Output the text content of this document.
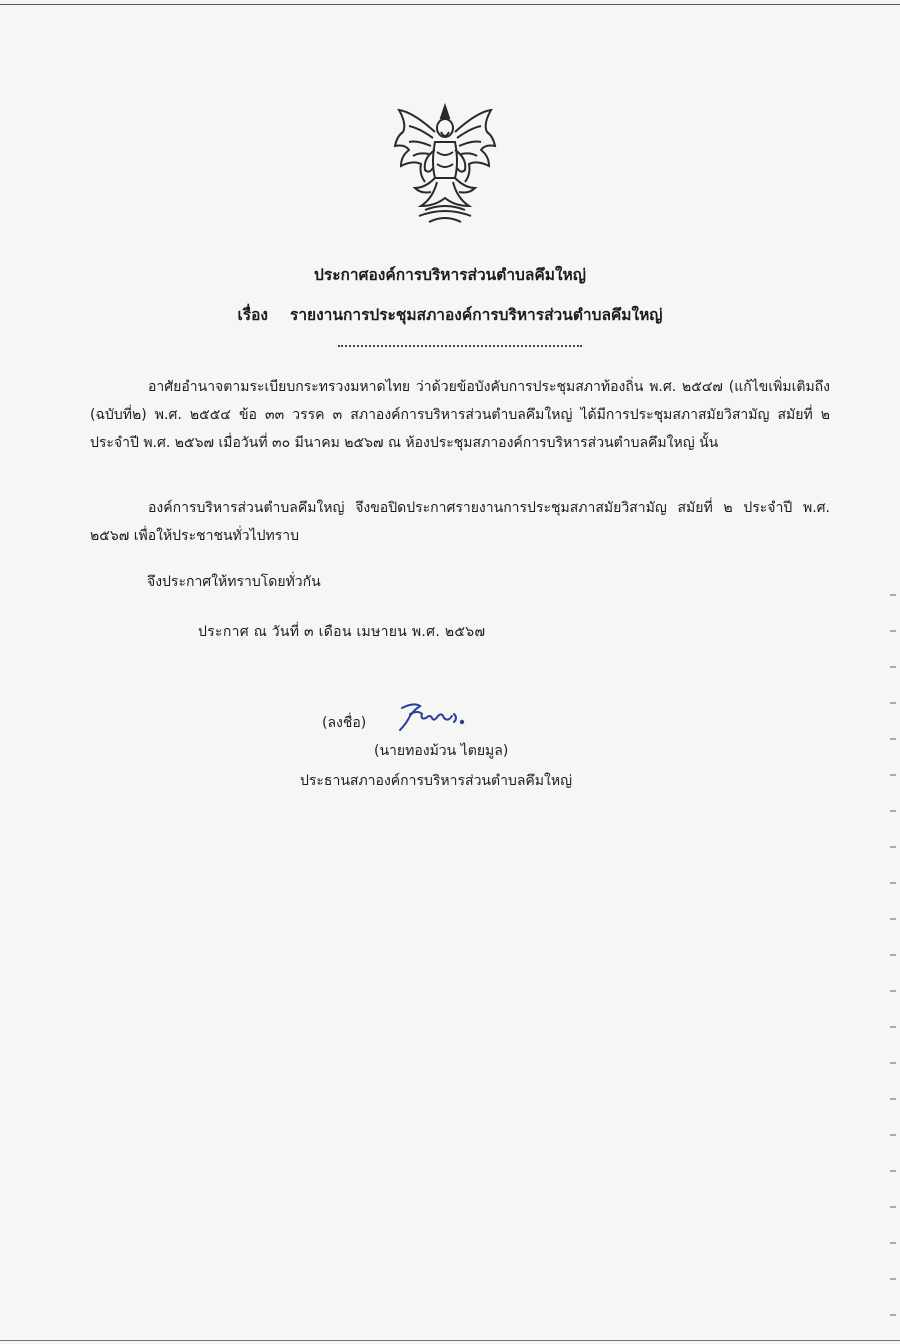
ประกาศองค์การบริหารส่วนตำบลคึมใหญ่
เรื่อง รายงานการประชุมสภาองค์การบริหารส่วนตำบลคึมใหญ่
อาศัยอำนาจตามระเบียบกระทรวงมหาดไทย ว่าด้วยข้อบังคับการประชุมสภาท้องถิ่น พ.ศ. ๒๕๔๗ (แก้ไขเพิ่มเติมถึง (ฉบับที่๒) พ.ศ. ๒๕๕๔ ข้อ ๓๓ วรรค ๓ สภาองค์การบริหารส่วนตำบลคึมใหญ่ ได้มีการประชุมสภาสมัยวิสามัญ สมัยที่ ๒ ประจำปี พ.ศ. ๒๕๖๗ เมื่อวันที่ ๓๐ มีนาคม ๒๕๖๗ ณ ห้องประชุมสภาองค์การบริหารส่วนตำบลคึมใหญ่ นั้น
องค์การบริหารส่วนตำบลคึมใหญ่ จึงขอปิดประกาศรายงานการประชุมสภาสมัยวิสามัญ สมัยที่ ๒ ประจำปี พ.ศ. ๒๕๖๗ เพื่อให้ประชาชนทั่วไปทราบ
จึงประกาศให้ทราบโดยทั่วกัน
ประกาศ ณ วันที่ ๓ เดือน เมษายน พ.ศ. ๒๕๖๗
(ลงชื่อ)
(นายทองม้วน ไตยมูล)
ประธานสภาองค์การบริหารส่วนตำบลคึมใหญ่
